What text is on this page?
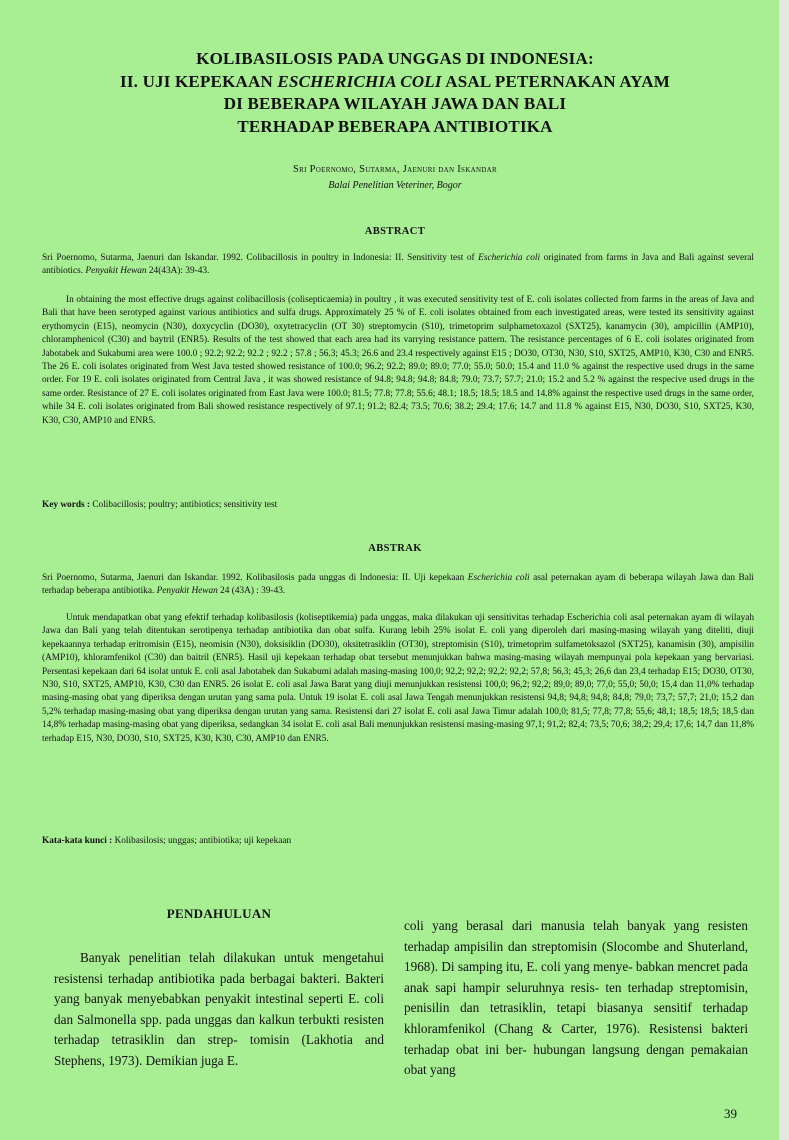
KOLIBASILOSIS PADA UNGGAS DI INDONESIA:
II. UJI KEPEKAAN ESCHERICHIA COLI ASAL PETERNAKAN AYAM
DI BEBERAPA WILAYAH JAWA DAN BALI
TERHADAP BEBERAPA ANTIBIOTIKA
Sri Poernomo, Sutarma, Jaenuri dan Iskandar
Balai Penelitian Veteriner, Bogor
ABSTRACT
Sri Poernomo, Sutarma, Jaenuri dan Iskandar. 1992. Colibacillosis in poultry in Indonesia: II. Sensitivity test of Escherichia coli originated from farms in Java and Bali against several antibiotics. Penyakit Hewan 24(43A): 39-43.
In obtaining the most effective drugs against colibacillosis (colisepticaemia) in poultry , it was executed sensitivity test of E. coli isolates collected from farms in the areas of Java and Bali that have been serotyped against various antibiotics and sulfa drugs. Approximately 25 % of E. coli isolates obtained from each investigated areas, were tested its sensitivity against erythomycin (E15), neomycin (N30), doxycyclin (DO30), oxytetracyclin (OT 30) streptomycin (S10), trimetoprim sulphametoxazol (SXT25), kanamycin (30), ampicillin (AMP10), chloramphenicol (C30) and baytril (ENR5). Results of the test showed that each area had its varrying resistance pattern. The resistance percentages of 6 E. coli isolates originated from Jabotabek and Sukabumi area were 100.0 ; 92.2; 92.2; 92.2 ; 92.2 ; 57.8 ; 56.3; 45.3; 26.6 and 23.4 respectively against E15 ; DO30, OT30, N30, S10, SXT25, AMP10, K30, C30 and ENR5. The 26 E. coli isolates originated from West Java tested showed resistance of 100.0; 96.2; 92.2; 89.0; 89.0; 77.0; 55.0; 50.0; 15.4 and 11.0 % against the respective used drugs in the same order. For 19 E. coli isolates originated from Central Java , it was showed resistance of 94.8; 94.8; 94.8; 84.8; 79.0; 73.7; 57.7; 21.0; 15.2 and 5.2 % against the respecive used drugs in the same order. Resistance of 27 E. coli isolates originated from East Java were 100.0; 81.5; 77.8; 77.8; 55.6; 48.1; 18.5; 18.5; 18.5 and 14.8% against the respective used drugs in the same order, while 34 E. coli isolates originated from Bali showed resistance respectively of 97.1; 91.2; 82.4; 73.5; 70.6; 38.2; 29.4; 17.6; 14.7 and 11.8 % against E15, N30, DO30, S10, SXT25, K30, K30, C30, AMP10 and ENR5.
Key words : Colibacillosis; poultry; antibiotics; sensitivity test
ABSTRAK
Sri Poernomo, Sutarma, Jaenuri dan Iskandar. 1992. Kolibasilosis pada unggas di Indonesia: II. Uji kepekaan Escherichia coli asal peternakan ayam di beberapa wilayah Jawa dan Bali terhadap beberapa antibiotika. Penyakit Hewan 24 (43A) : 39-43.
Untuk mendapatkan obat yang efektif terhadap kolibasilosis (koliseptikemia) pada unggas, maka dilakukan uji sensitivitas terhadap Escherichia coli asal peternakan ayam di wilayah Jawa dan Bali yang telah ditentukan serotipenya terhadap antibiotika dan obat sulfa. Kurang lebih 25% isolat E. coli yang diperoleh dari masing-masing wilayah yang diteliti, diuji kepekaannya terhadap eritromisin (E15), neomisin (N30), doksisiklin (DO30), oksitetrasiklin (OT30), streptomisin (S10), trimetoprim sulfametoksazol (SXT25), kanamisin (30), ampisilin (AMP10), khloramfenikol (C30) dan baitril (ENR5). Hasil uji kepekaan terhadap obat tersebut menunjukkan bahwa masing-masing wilayah mempunyai pola kepekaan yang bervariasi. Persentasi kepekaan dari 64 isolat untuk E. coli asal Jabotabek dan Sukabumi adalah masing-masing 100,0; 92,2; 92,2; 92,2; 92,2; 57,8; 56,3; 45,3; 26,6 dan 23,4 terhadap E15; DO30, OT30, N30, S10, SXT25, AMP10, K30, C30 dan ENR5. 26 isolat E. coli asal Jawa Barat yang diuji menunjukkan resistensi 100,0; 96,2; 92,2; 89,0; 89,0; 77,0; 55,0; 50,0; 15,4 dan 11,0% terhadap masing-masing obat yang diperiksa dengan urutan yang sama pula. Untuk 19 isolat E. coli asal Jawa Tengah menunjukkan resistensi 94,8; 94,8; 94,8; 84,8; 79,0; 73,7; 57,7; 21,0; 15,2 dan 5,2% terhadap masing-masing obat yang diperiksa dengan urutan yang sama. Resistensi dari 27 isolat E. coli asal Jawa Timur adalah 100,0; 81,5; 77,8; 77,8; 55,6; 48,1; 18,5; 18,5; 18,5 dan 14,8% terhadap masing-masing obat yang diperiksa, sedangkan 34 isolat E. coli asal Bali menunjukkan resistensi masing-masing 97,1; 91,2; 82,4; 73,5; 70,6; 38,2; 29,4; 17,6; 14,7 dan 11,8% terhadap E15, N30, DO30, S10, SXT25, K30, K30, C30, AMP10 dan ENR5.
Kata-kata kunci : Kolibasilosis; unggas; antibiotika; uji kepekaan
PENDAHULUAN
Banyak penelitian telah dilakukan untuk mengetahui resistensi terhadap antibiotika pada berbagai bakteri. Bakteri yang banyak menyebabkan penyakit intestinal seperti E. coli dan Salmonella spp. pada unggas dan kalkun terbukti resisten terhadap tetrasiklin dan strep- tomisin (Lakhotia and Stephens, 1973). Demikian juga E.
coli yang berasal dari manusia telah banyak yang resisten terhadap ampisilin dan streptomisin (Slocombe and Shuterland, 1968). Di samping itu, E. coli yang menye- babkan mencret pada anak sapi hampir seluruhnya resis- ten terhadap streptomisin, penisilin dan tetrasiklin, tetapi biasanya sensitif terhadap khloramfenikol (Chang & Carter, 1976). Resistensi bakteri terhadap obat ini ber- hubungan langsung dengan pemakaian obat yang
39
